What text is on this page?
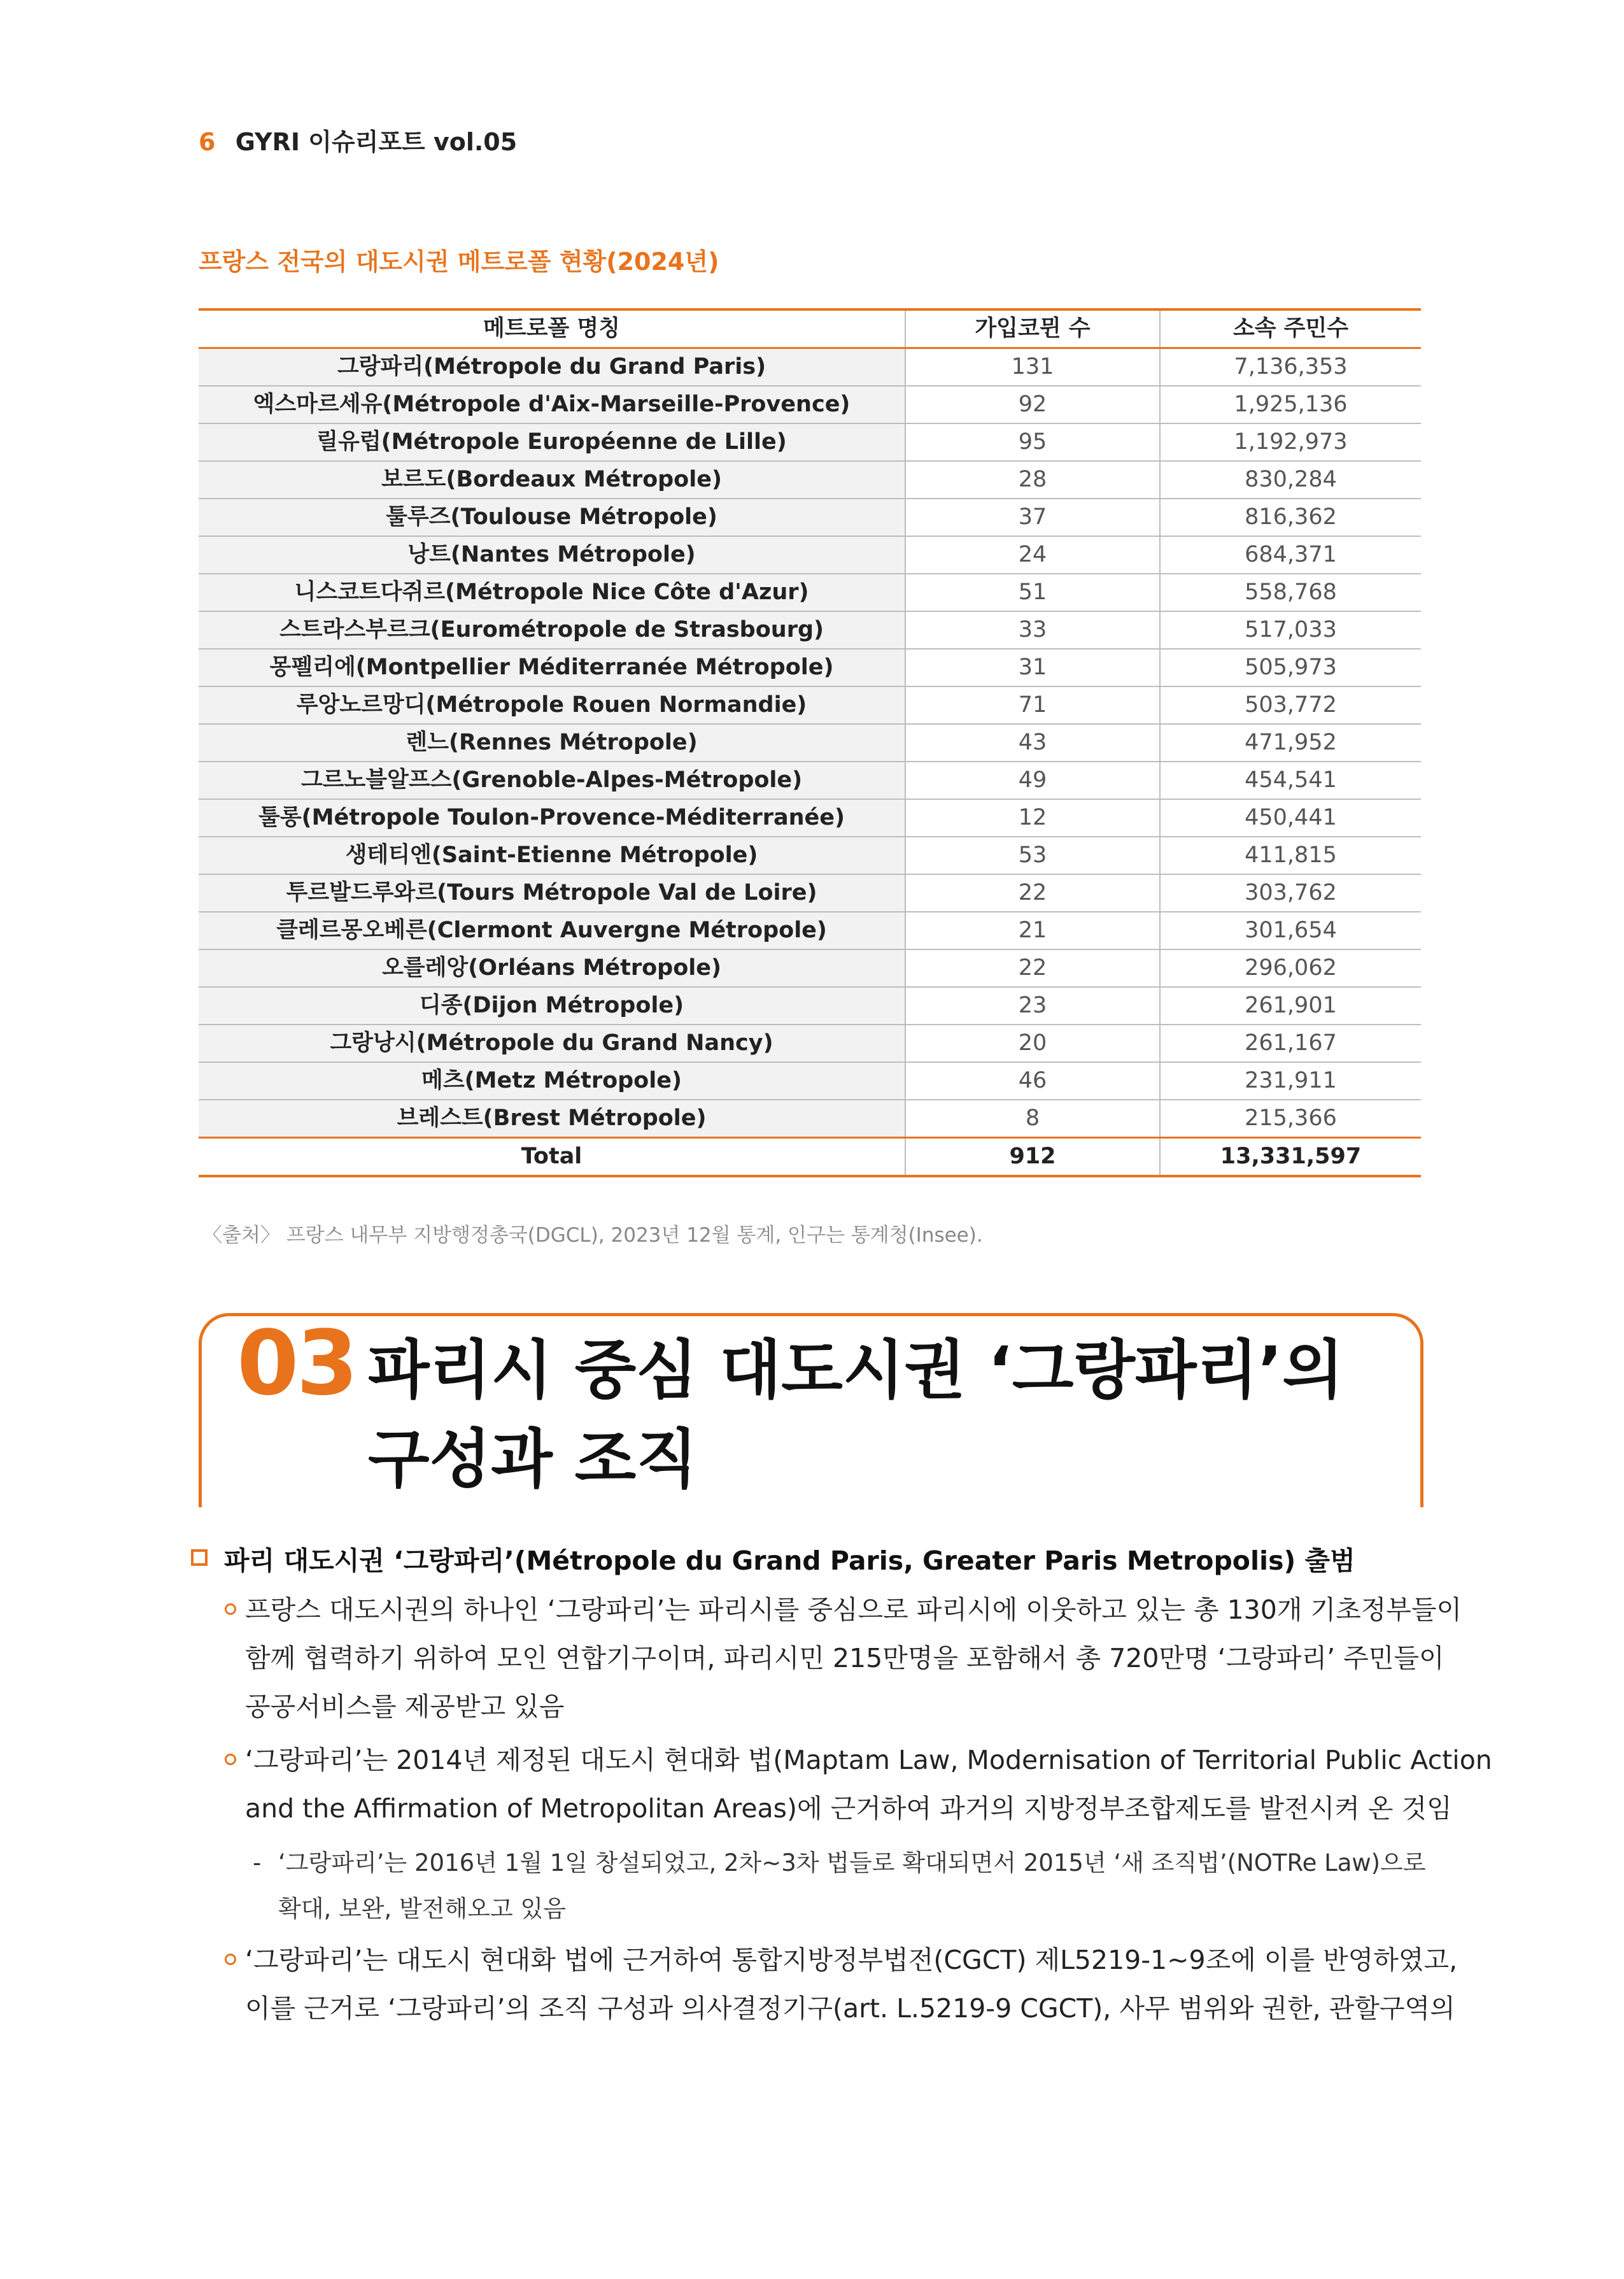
6 GYRI 이슈리포트 vol.05
프랑스 전국의 대도시권 메트로폴 현황(2024년)
메트로폴 명칭	가입코뮌 수	소속 주민수
그랑파리(Métropole du Grand Paris)	131	7,136,353
엑스마르세유(Métropole d'Aix-Marseille-Provence)	92	1,925,136
릴유럽(Métropole Européenne de Lille)	95	1,192,973
보르도(Bordeaux Métropole)	28	830,284
툴루즈(Toulouse Métropole)	37	816,362
낭트(Nantes Métropole)	24	684,371
니스코트다쥐르(Métropole Nice Côte d'Azur)	51	558,768
스트라스부르크(Eurométropole de Strasbourg)	33	517,033
몽펠리에(Montpellier Méditerranée Métropole)	31	505,973
루앙노르망디(Métropole Rouen Normandie)	71	503,772
렌느(Rennes Métropole)	43	471,952
그르노블알프스(Grenoble-Alpes-Métropole)	49	454,541
툴롱(Métropole Toulon-Provence-Méditerranée)	12	450,441
생테티엔(Saint-Etienne Métropole)	53	411,815
투르발드루와르(Tours Métropole Val de Loire)	22	303,762
클레르몽오베른(Clermont Auvergne Métropole)	21	301,654
오를레앙(Orléans Métropole)	22	296,062
디종(Dijon Métropole)	23	261,901
그랑낭시(Métropole du Grand Nancy)	20	261,167
메츠(Metz Métropole)	46	231,911
브레스트(Brest Métropole)	8	215,366
Total	912	13,331,597
〈출처〉 프랑스 내무부 지방행정총국(DGCL), 2023년 12월 통계, 인구는 통계청(Insee).
03 파리시 중심 대도시권 ‘그랑파리’의
구성과 조직
파리 대도시권 ‘그랑파리’(Métropole du Grand Paris, Greater Paris Metropolis) 출범
프랑스 대도시권의 하나인 ‘그랑파리’는 파리시를 중심으로 파리시에 이웃하고 있는 총 130개 기초정부들이
함께 협력하기 위하여 모인 연합기구이며, 파리시민 215만명을 포함해서 총 720만명 ‘그랑파리’ 주민들이
공공서비스를 제공받고 있음
‘그랑파리’는 2014년 제정된 대도시 현대화 법(Maptam Law, Modernisation of Territorial Public Action
and the Affirmation of Metropolitan Areas)에 근거하여 과거의 지방정부조합제도를 발전시켜 온 것임
- ‘그랑파리’는 2016년 1월 1일 창설되었고, 2차~3차 법들로 확대되면서 2015년 ‘새 조직법’(NOTRe Law)으로
확대, 보완, 발전해오고 있음
‘그랑파리’는 대도시 현대화 법에 근거하여 통합지방정부법전(CGCT) 제L5219-1~9조에 이를 반영하였고,
이를 근거로 ‘그랑파리’의 조직 구성과 의사결정기구(art. L.5219-9 CGCT), 사무 범위와 권한, 관할구역의
